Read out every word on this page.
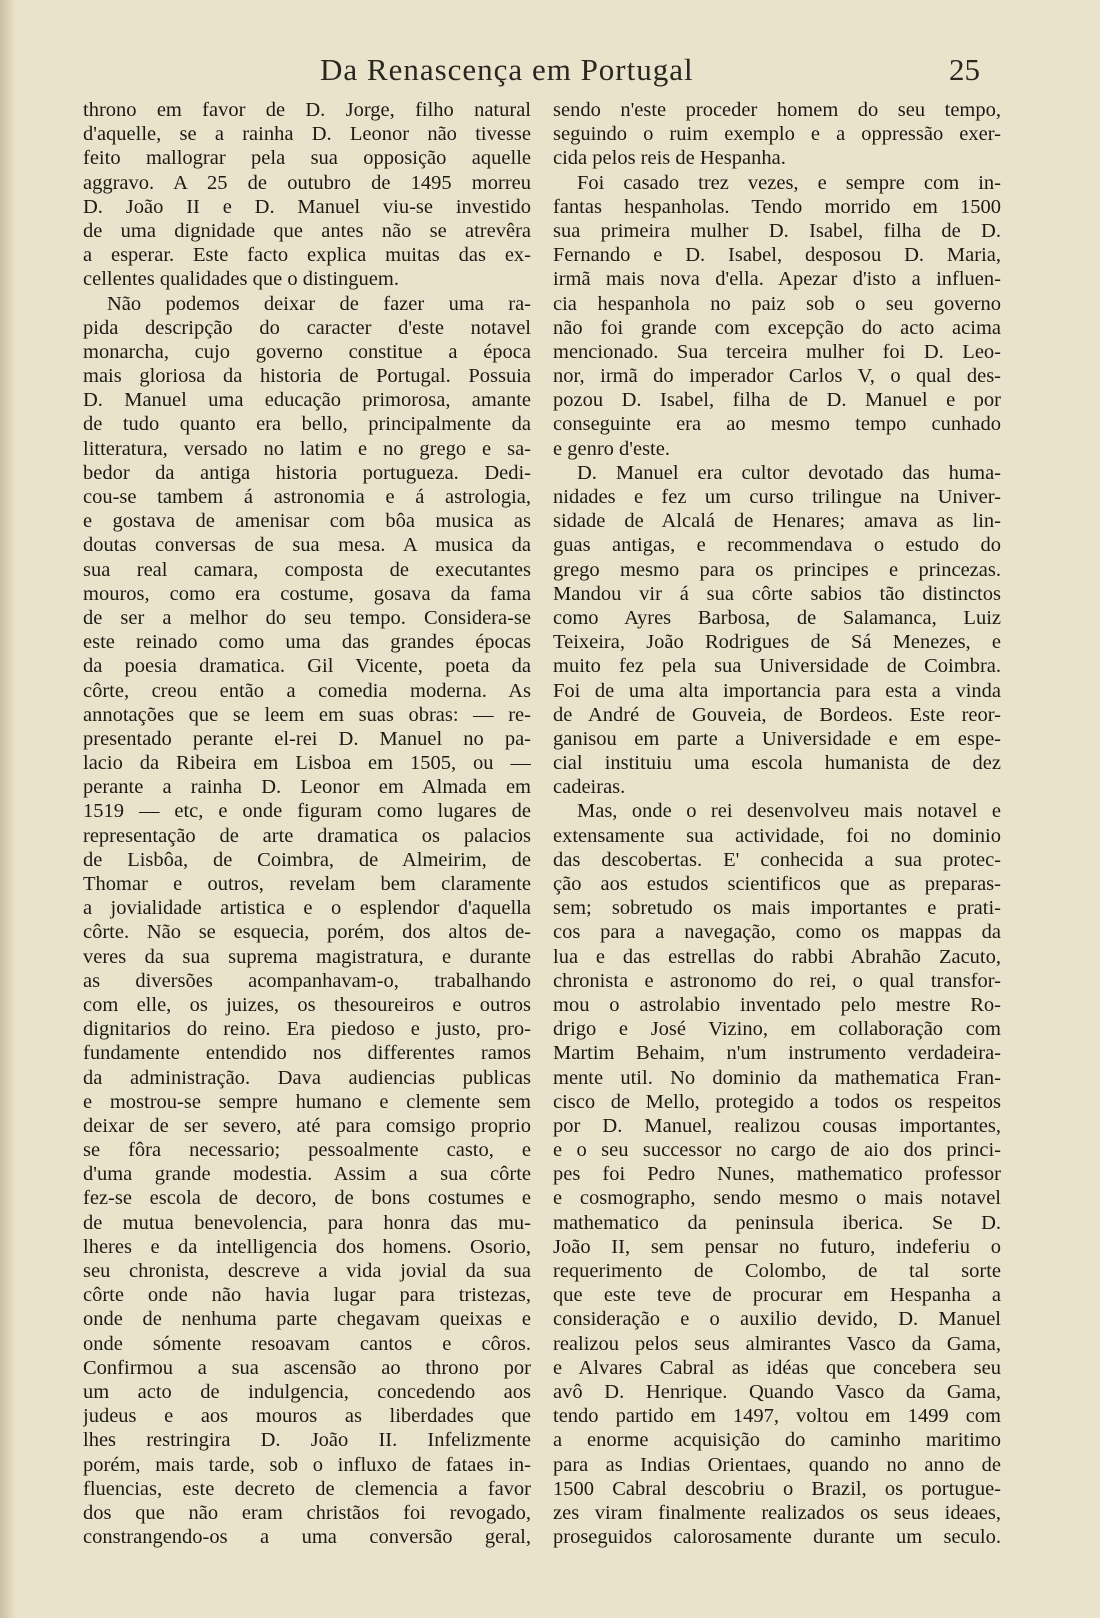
Da Renascença em Portugal	25
throno em favor de D. Jorge, filho natural
d'aquelle, se a rainha D. Leonor não tivesse
feito mallograr pela sua opposição aquelle
aggravo. A 25 de outubro de 1495 morreu
D. João II e D. Manuel viu-se investido
de uma dignidade que antes não se atrevêra
a esperar. Este facto explica muitas das ex-
cellentes qualidades que o distinguem.
Não podemos deixar de fazer uma ra-
pida descripção do caracter d'este notavel
monarcha, cujo governo constitue a época
mais gloriosa da historia de Portugal. Possuia
D. Manuel uma educação primorosa, amante
de tudo quanto era bello, principalmente da
litteratura, versado no latim e no grego e sa-
bedor da antiga historia portugueza. Dedi-
cou-se tambem á astronomia e á astrologia,
e gostava de amenisar com bôa musica as
doutas conversas de sua mesa. A musica da
sua real camara, composta de executantes
mouros, como era costume, gosava da fama
de ser a melhor do seu tempo. Considera-se
este reinado como uma das grandes épocas
da poesia dramatica. Gil Vicente, poeta da
côrte, creou então a comedia moderna. As
annotações que se leem em suas obras: — re-
presentado perante el-rei D. Manuel no pa-
lacio da Ribeira em Lisboa em 1505, ou —
perante a rainha D. Leonor em Almada em
1519 — etc, e onde figuram como lugares de
representação de arte dramatica os palacios
de Lisbôa, de Coimbra, de Almeirim, de
Thomar e outros, revelam bem claramente
a jovialidade artistica e o esplendor d'aquella
côrte. Não se esquecia, porém, dos altos de-
veres da sua suprema magistratura, e durante
as diversões acompanhavam-o, trabalhando
com elle, os juizes, os thesoureiros e outros
dignitarios do reino. Era piedoso e justo, pro-
fundamente entendido nos differentes ramos
da administração. Dava audiencias publicas
e mostrou-se sempre humano e clemente sem
deixar de ser severo, até para comsigo proprio
se fôra necessario; pessoalmente casto, e
d'uma grande modestia. Assim a sua côrte
fez-se escola de decoro, de bons costumes e
de mutua benevolencia, para honra das mu-
lheres e da intelligencia dos homens. Osorio,
seu chronista, descreve a vida jovial da sua
côrte onde não havia lugar para tristezas,
onde de nenhuma parte chegavam queixas e
onde sómente resoavam cantos e côros.
Confirmou a sua ascensão ao throno por
um acto de indulgencia, concedendo aos
judeus e aos mouros as liberdades que
lhes restringira D. João II. Infelizmente
porém, mais tarde, sob o influxo de fataes in-
fluencias, este decreto de clemencia a favor
dos que não eram christãos foi revogado,
constrangendo-os a uma conversão geral,
sendo n'este proceder homem do seu tempo,
seguindo o ruim exemplo e a oppressão exer-
cida pelos reis de Hespanha.
Foi casado trez vezes, e sempre com in-
fantas hespanholas. Tendo morrido em 1500
sua primeira mulher D. Isabel, filha de D.
Fernando e D. Isabel, desposou D. Maria,
irmã mais nova d'ella. Apezar d'isto a influen-
cia hespanhola no paiz sob o seu governo
não foi grande com excepção do acto acima
mencionado. Sua terceira mulher foi D. Leo-
nor, irmã do imperador Carlos V, o qual des-
pozou D. Isabel, filha de D. Manuel e por
conseguinte era ao mesmo tempo cunhado
e genro d'este.
D. Manuel era cultor devotado das huma-
nidades e fez um curso trilingue na Univer-
sidade de Alcalá de Henares; amava as lin-
guas antigas, e recommendava o estudo do
grego mesmo para os principes e princezas.
Mandou vir á sua côrte sabios tão distinctos
como Ayres Barbosa, de Salamanca, Luiz
Teixeira, João Rodrigues de Sá Menezes, e
muito fez pela sua Universidade de Coimbra.
Foi de uma alta importancia para esta a vinda
de André de Gouveia, de Bordeos. Este reor-
ganisou em parte a Universidade e em espe-
cial instituiu uma escola humanista de dez
cadeiras.
Mas, onde o rei desenvolveu mais notavel e
extensamente sua actividade, foi no dominio
das descobertas. E' conhecida a sua protec-
ção aos estudos scientificos que as preparas-
sem; sobretudo os mais importantes e prati-
cos para a navegação, como os mappas da
lua e das estrellas do rabbi Abrahão Zacuto,
chronista e astronomo do rei, o qual transfor-
mou o astrolabio inventado pelo mestre Ro-
drigo e José Vizino, em collaboração com
Martim Behaim, n'um instrumento verdadeira-
mente util. No dominio da mathematica Fran-
cisco de Mello, protegido a todos os respeitos
por D. Manuel, realizou cousas importantes,
e o seu successor no cargo de aio dos princi-
pes foi Pedro Nunes, mathematico professor
e cosmographo, sendo mesmo o mais notavel
mathematico da peninsula iberica. Se D.
João II, sem pensar no futuro, indeferiu o
requerimento de Colombo, de tal sorte
que este teve de procurar em Hespanha a
consideração e o auxilio devido, D. Manuel
realizou pelos seus almirantes Vasco da Gama,
e Alvares Cabral as idéas que concebera seu
avô D. Henrique. Quando Vasco da Gama,
tendo partido em 1497, voltou em 1499 com
a enorme acquisição do caminho maritimo
para as Indias Orientaes, quando no anno de
1500 Cabral descobriu o Brazil, os portugue-
zes viram finalmente realizados os seus ideaes,
proseguidos calorosamente durante um seculo.
